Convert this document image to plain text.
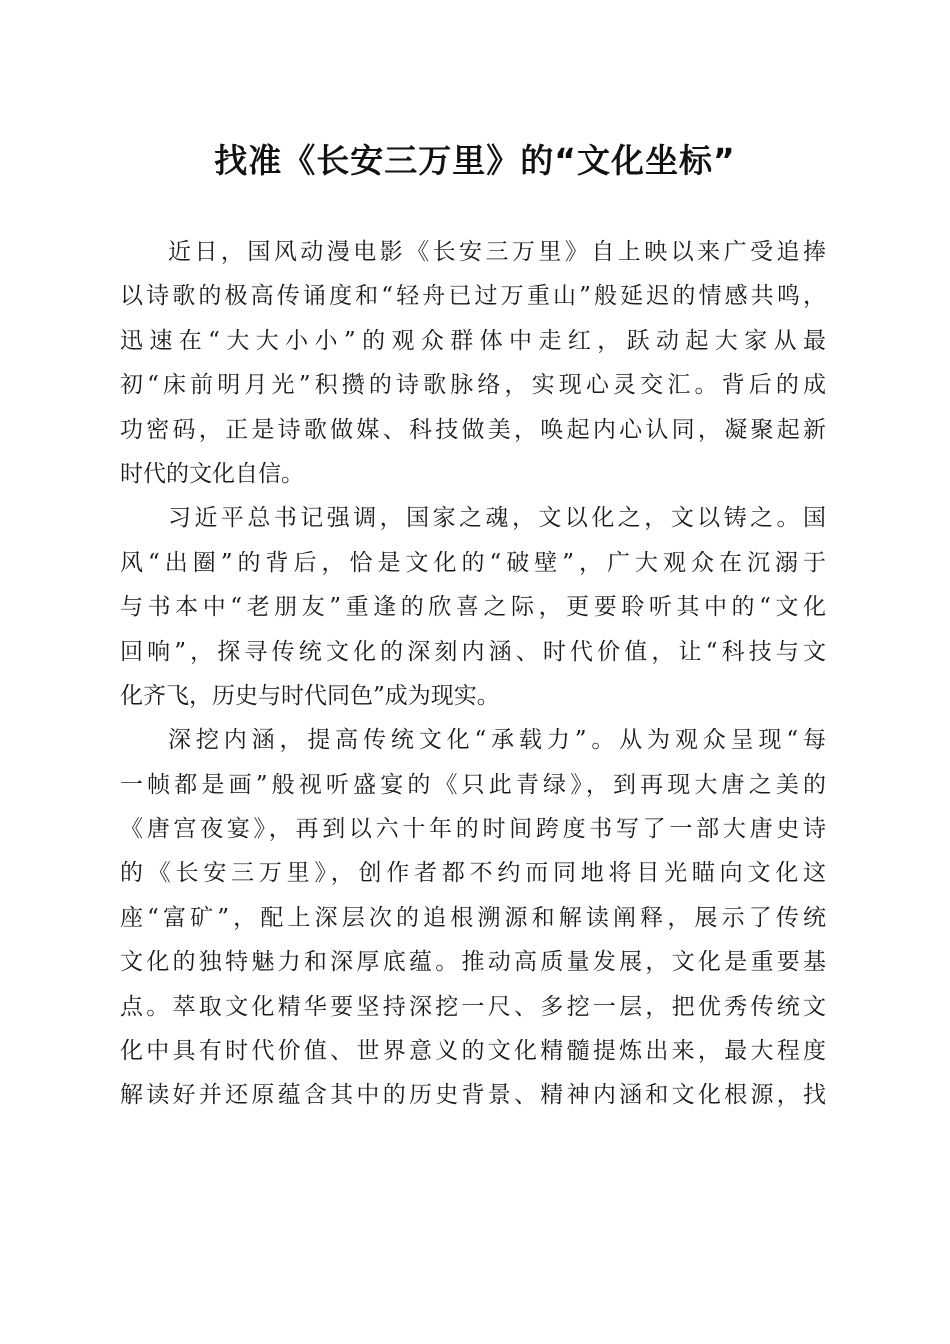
找准《长安三万里》的“文化坐标”
近日，国风动漫电影《长安三万里》自上映以来广受追捧
以诗歌的极高传诵度和“轻舟已过万重山”般延迟的情感共鸣，
迅速在“大大小小”的观众群体中走红，跃动起大家从最
初“床前明月光”积攒的诗歌脉络，实现心灵交汇。背后的成
功密码，正是诗歌做媒、科技做美，唤起内心认同，凝聚起新
时代的文化自信。
习近平总书记强调，国家之魂，文以化之，文以铸之。国
风“出圈”的背后，恰是文化的“破壁”，广大观众在沉溺于
与书本中“老朋友”重逢的欣喜之际，更要聆听其中的“文化
回响”，探寻传统文化的深刻内涵、时代价值，让“科技与文
化齐飞，历史与时代同色”成为现实。
深挖内涵，提高传统文化“承载力”。从为观众呈现“每
一帧都是画”般视听盛宴的《只此青绿》，到再现大唐之美的
《唐宫夜宴》，再到以六十年的时间跨度书写了一部大唐史诗
的《长安三万里》，创作者都不约而同地将目光瞄向文化这
座“富矿”，配上深层次的追根溯源和解读阐释，展示了传统
文化的独特魅力和深厚底蕴。推动高质量发展，文化是重要基
点。萃取文化精华要坚持深挖一尺、多挖一层，把优秀传统文
化中具有时代价值、世界意义的文化精髓提炼出来，最大程度
解读好并还原蕴含其中的历史背景、精神内涵和文化根源，找
